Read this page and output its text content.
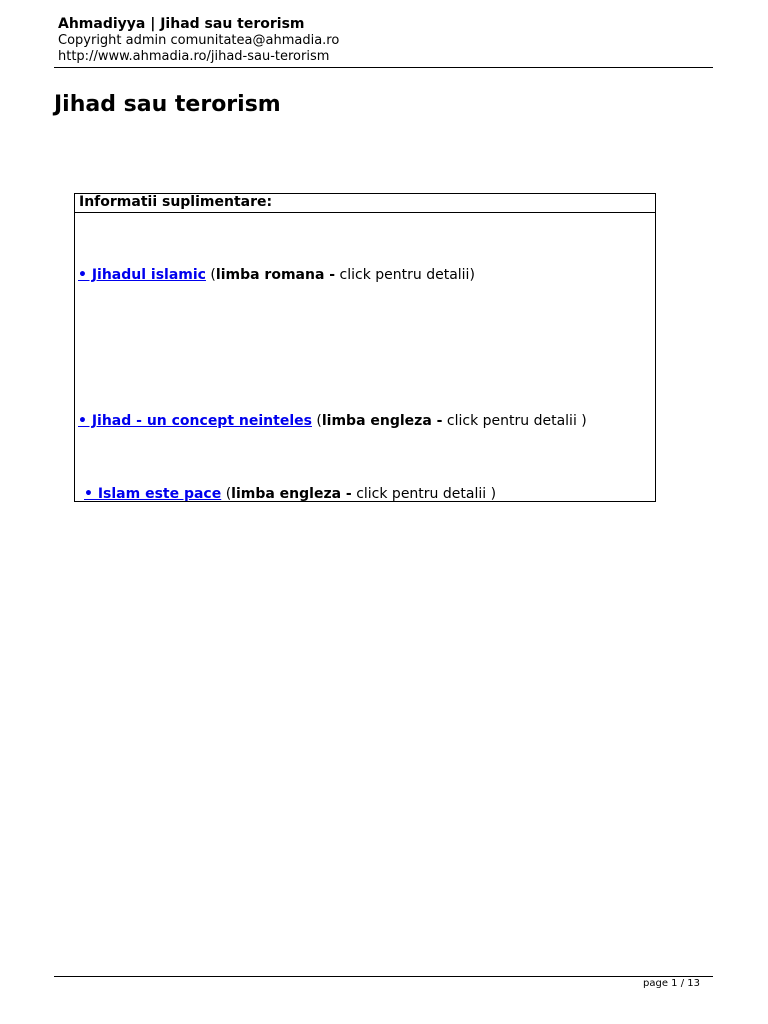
Ahmadiyya | Jihad sau terorism

Copyright admin comunitatea@ahmadia.ro

http://www.ahmadia.ro/jihad-sau-terorism

Jihad sau terorism
Informatii suplimentare:
• Jihadul islamic (limba romana - click pentru detalii)
• Jihad - un concept neinteles (limba engleza - click pentru detalii )
• Islam este pace (limba engleza - click pentru detalii )
page 1 / 13
